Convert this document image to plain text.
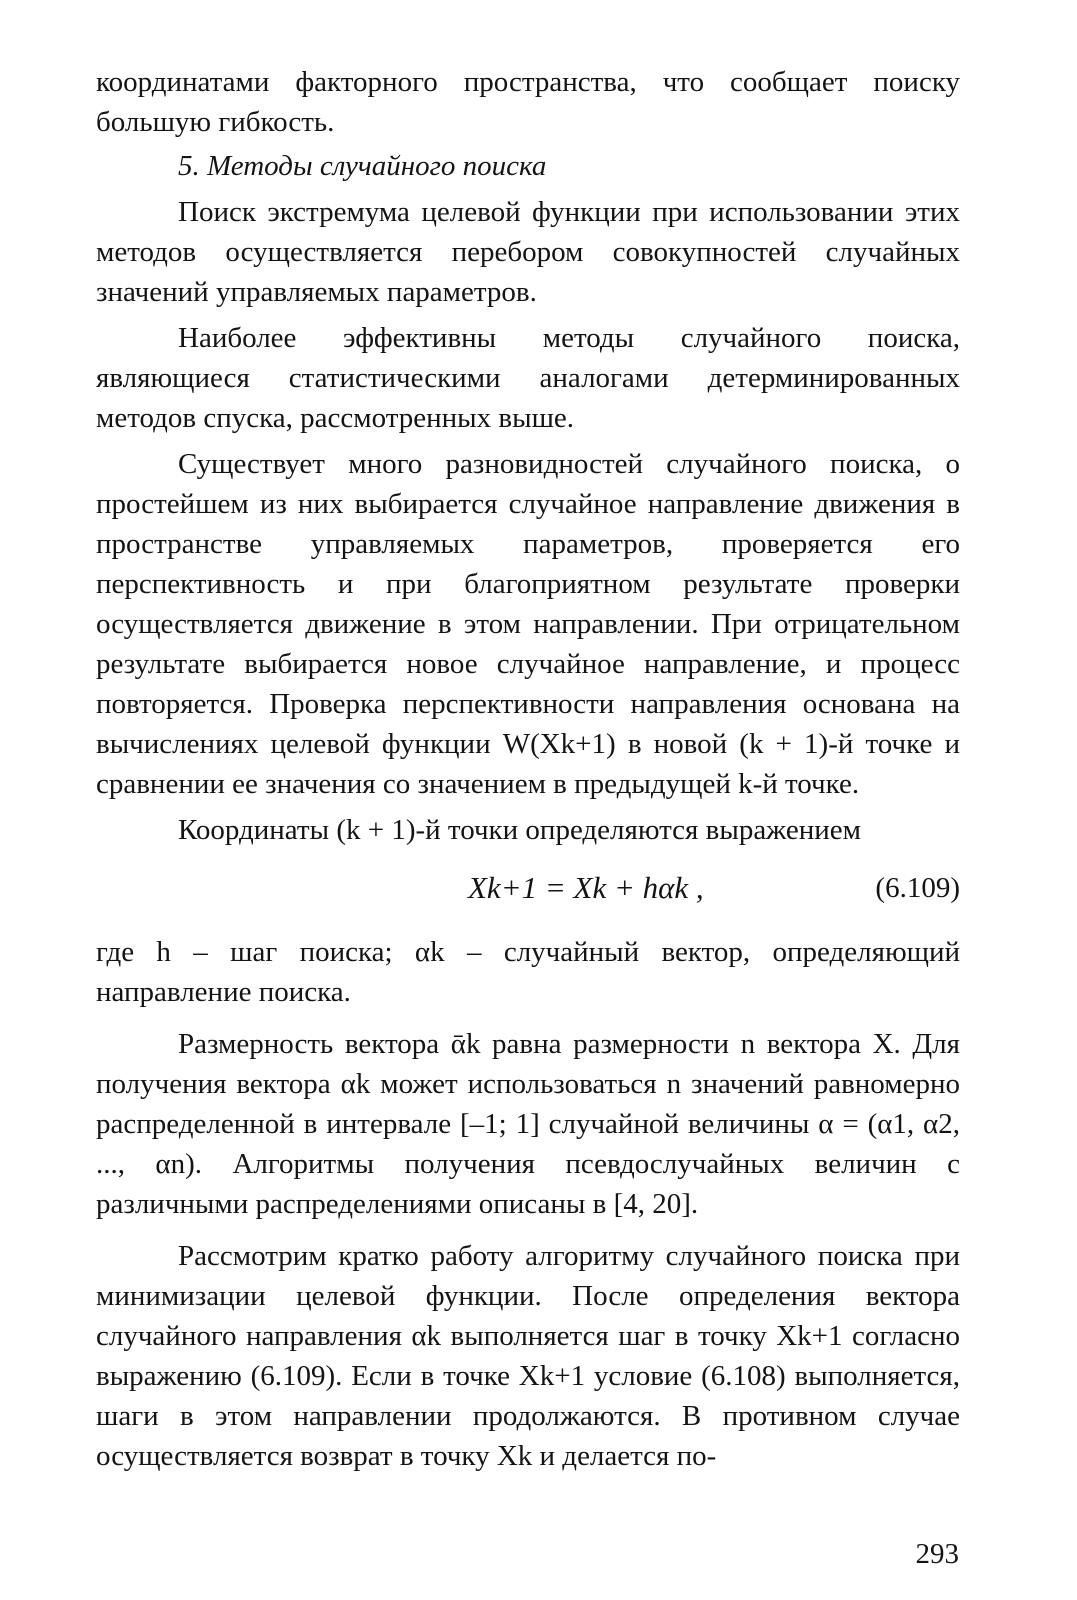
координатами факторного пространства, что сообщает поиску большую гибкость.

5. Методы случайного поиска

Поиск экстремума целевой функции при использовании этих методов осуществляется перебором совокупностей случайных значений управляемых параметров.

Наиболее эффективны методы случайного поиска, являющиеся статистическими аналогами детерминированных методов спуска, рассмотренных выше.

Существует много разновидностей случайного поиска, о простейшем из них выбирается случайное направление движения в пространстве управляемых параметров, проверяется его перспективность и при благоприятном результате проверки осуществляется движение в этом направлении. При отрицательном результате выбирается новое случайное направление, и процесс повторяется. Проверка перспективности направления основана на вычислениях целевой функции W(Xk+1) в новой (k + 1)-й точке и сравнении ее значения со значением в предыдущей k-й точке.

Координаты (k + 1)-й точки определяются выражением

Xk+1 = Xk + hαk ,	(6.109)

где h – шаг поиска; αk – случайный вектор, определяющий направление поиска.

Размерность вектора ᾱk равна размерности n вектора X. Для получения вектора αk может использоваться n значений равномерно распределенной в интервале [–1; 1] случайной величины α = (α1, α2, ..., αn). Алгоритмы получения псевдослучайных величин с различными распределениями описаны в [4, 20].

Рассмотрим кратко работу алгоритму случайного поиска при минимизации целевой функции. После определения вектора случайного направления αk выполняется шаг в точку Xk+1 согласно выражению (6.109). Если в точке Xk+1 условие (6.108) выполняется, шаги в этом направлении продолжаются. В противном случае осуществляется возврат в точку Xk и делается по-

293
